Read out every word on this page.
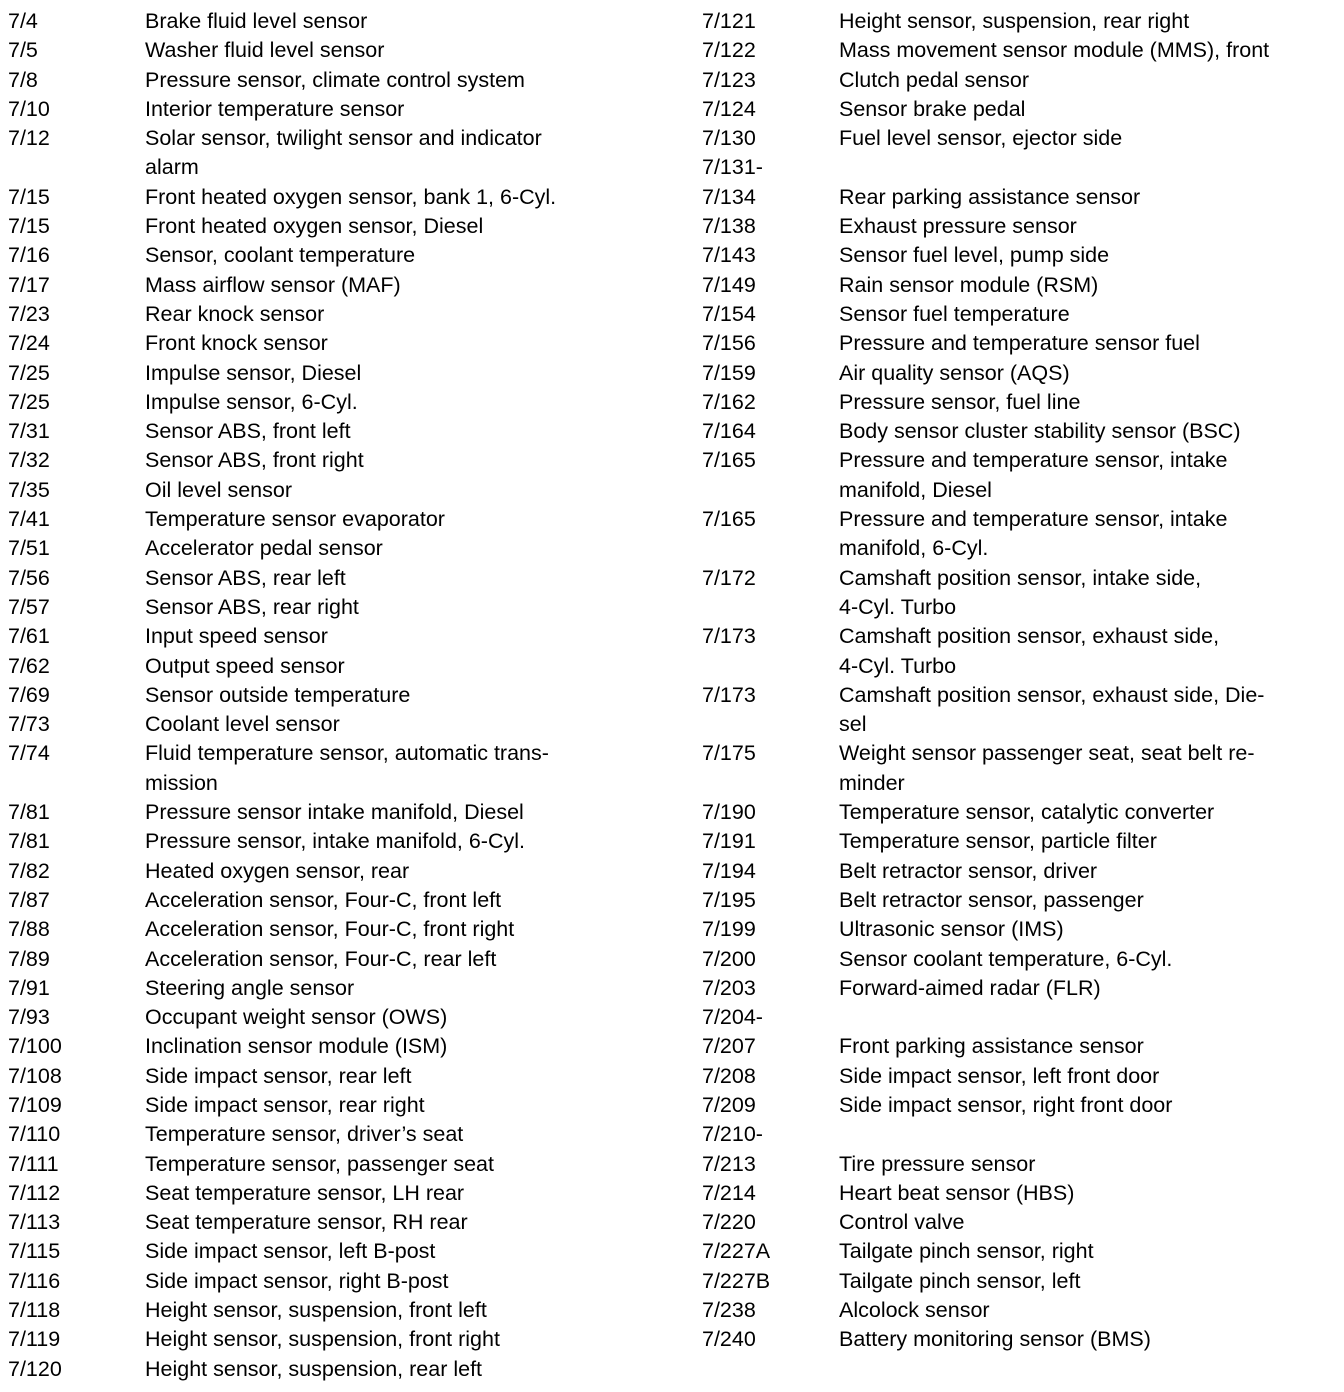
7/4	Brake fluid level sensor
7/5	Washer fluid level sensor
7/8	Pressure sensor, climate control system
7/10	Interior temperature sensor
7/12	Solar sensor, twilight sensor and indicator
alarm
7/15	Front heated oxygen sensor, bank 1, 6-Cyl.
7/15	Front heated oxygen sensor, Diesel
7/16	Sensor, coolant temperature
7/17	Mass airflow sensor (MAF)
7/23	Rear knock sensor
7/24	Front knock sensor
7/25	Impulse sensor, Diesel
7/25	Impulse sensor, 6-Cyl.
7/31	Sensor ABS, front left
7/32	Sensor ABS, front right
7/35	Oil level sensor
7/41	Temperature sensor evaporator
7/51	Accelerator pedal sensor
7/56	Sensor ABS, rear left
7/57	Sensor ABS, rear right
7/61	Input speed sensor
7/62	Output speed sensor
7/69	Sensor outside temperature
7/73	Coolant level sensor
7/74	Fluid temperature sensor, automatic trans-
mission
7/81	Pressure sensor intake manifold, Diesel
7/81	Pressure sensor, intake manifold, 6-Cyl.
7/82	Heated oxygen sensor, rear
7/87	Acceleration sensor, Four-C, front left
7/88	Acceleration sensor, Four-C, front right
7/89	Acceleration sensor, Four-C, rear left
7/91	Steering angle sensor
7/93	Occupant weight sensor (OWS)
7/100	Inclination sensor module (ISM)
7/108	Side impact sensor, rear left
7/109	Side impact sensor, rear right
7/110	Temperature sensor, driver’s seat
7/111	Temperature sensor, passenger seat
7/112	Seat temperature sensor, LH rear
7/113	Seat temperature sensor, RH rear
7/115	Side impact sensor, left B-post
7/116	Side impact sensor, right B-post
7/118	Height sensor, suspension, front left
7/119	Height sensor, suspension, front right
7/120	Height sensor, suspension, rear left
7/121	Height sensor, suspension, rear right
7/122	Mass movement sensor module (MMS), front
7/123	Clutch pedal sensor
7/124	Sensor brake pedal
7/130	Fuel level sensor, ejector side
7/131-
7/134	Rear parking assistance sensor
7/138	Exhaust pressure sensor
7/143	Sensor fuel level, pump side
7/149	Rain sensor module (RSM)
7/154	Sensor fuel temperature
7/156	Pressure and temperature sensor fuel
7/159	Air quality sensor (AQS)
7/162	Pressure sensor, fuel line
7/164	Body sensor cluster stability sensor (BSC)
7/165	Pressure and temperature sensor, intake
manifold, Diesel
7/165	Pressure and temperature sensor, intake
manifold, 6-Cyl.
7/172	Camshaft position sensor, intake side,
4-Cyl. Turbo
7/173	Camshaft position sensor, exhaust side,
4-Cyl. Turbo
7/173	Camshaft position sensor, exhaust side, Die-
sel
7/175	Weight sensor passenger seat, seat belt re-
minder
7/190	Temperature sensor, catalytic converter
7/191	Temperature sensor, particle filter
7/194	Belt retractor sensor, driver
7/195	Belt retractor sensor, passenger
7/199	Ultrasonic sensor (IMS)
7/200	Sensor coolant temperature, 6-Cyl.
7/203	Forward-aimed radar (FLR)
7/204-
7/207	Front parking assistance sensor
7/208	Side impact sensor, left front door
7/209	Side impact sensor, right front door
7/210-
7/213	Tire pressure sensor
7/214	Heart beat sensor (HBS)
7/220	Control valve
7/227A	Tailgate pinch sensor, right
7/227B	Tailgate pinch sensor, left
7/238	Alcolock sensor
7/240	Battery monitoring sensor (BMS)
